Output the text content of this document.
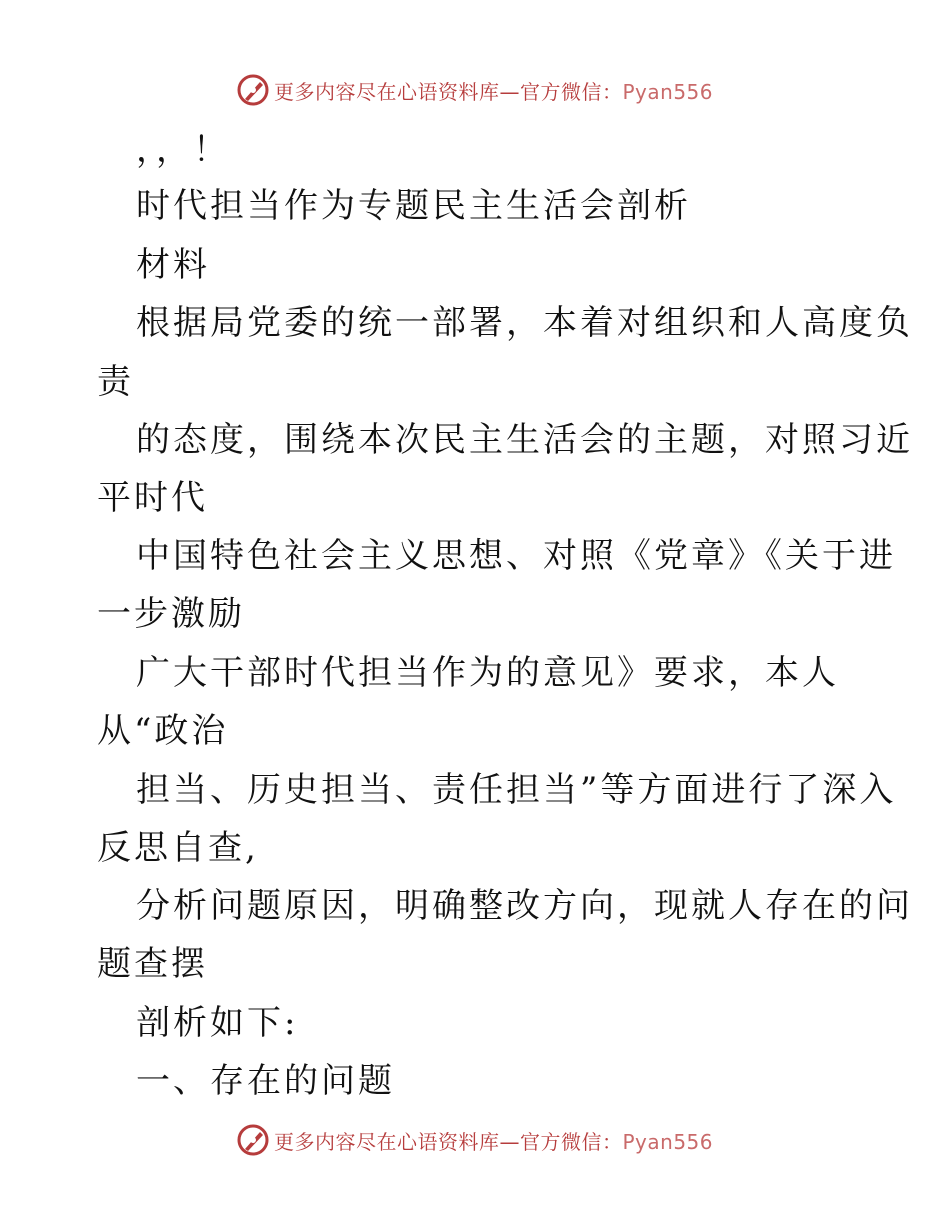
更多内容尽在心语资料库—官方微信：Pyan556
，，！
时代担当作为专题民主生活会剖析
材料
根据局党委的统一部署，本着对组织和人高度负
责
的态度，围绕本次民主生活会的主题，对照习近
平时代
中国特色社会主义思想、对照《党章》《关于进
一步激励
广大干部时代担当作为的意见》要求，本人
从“政治
担当、历史担当、责任担当”等方面进行了深入
反思自查,
分析问题原因，明确整改方向，现就人存在的问
题查摆
剖析如下:
一、存在的问题
更多内容尽在心语资料库—官方微信：Pyan556
